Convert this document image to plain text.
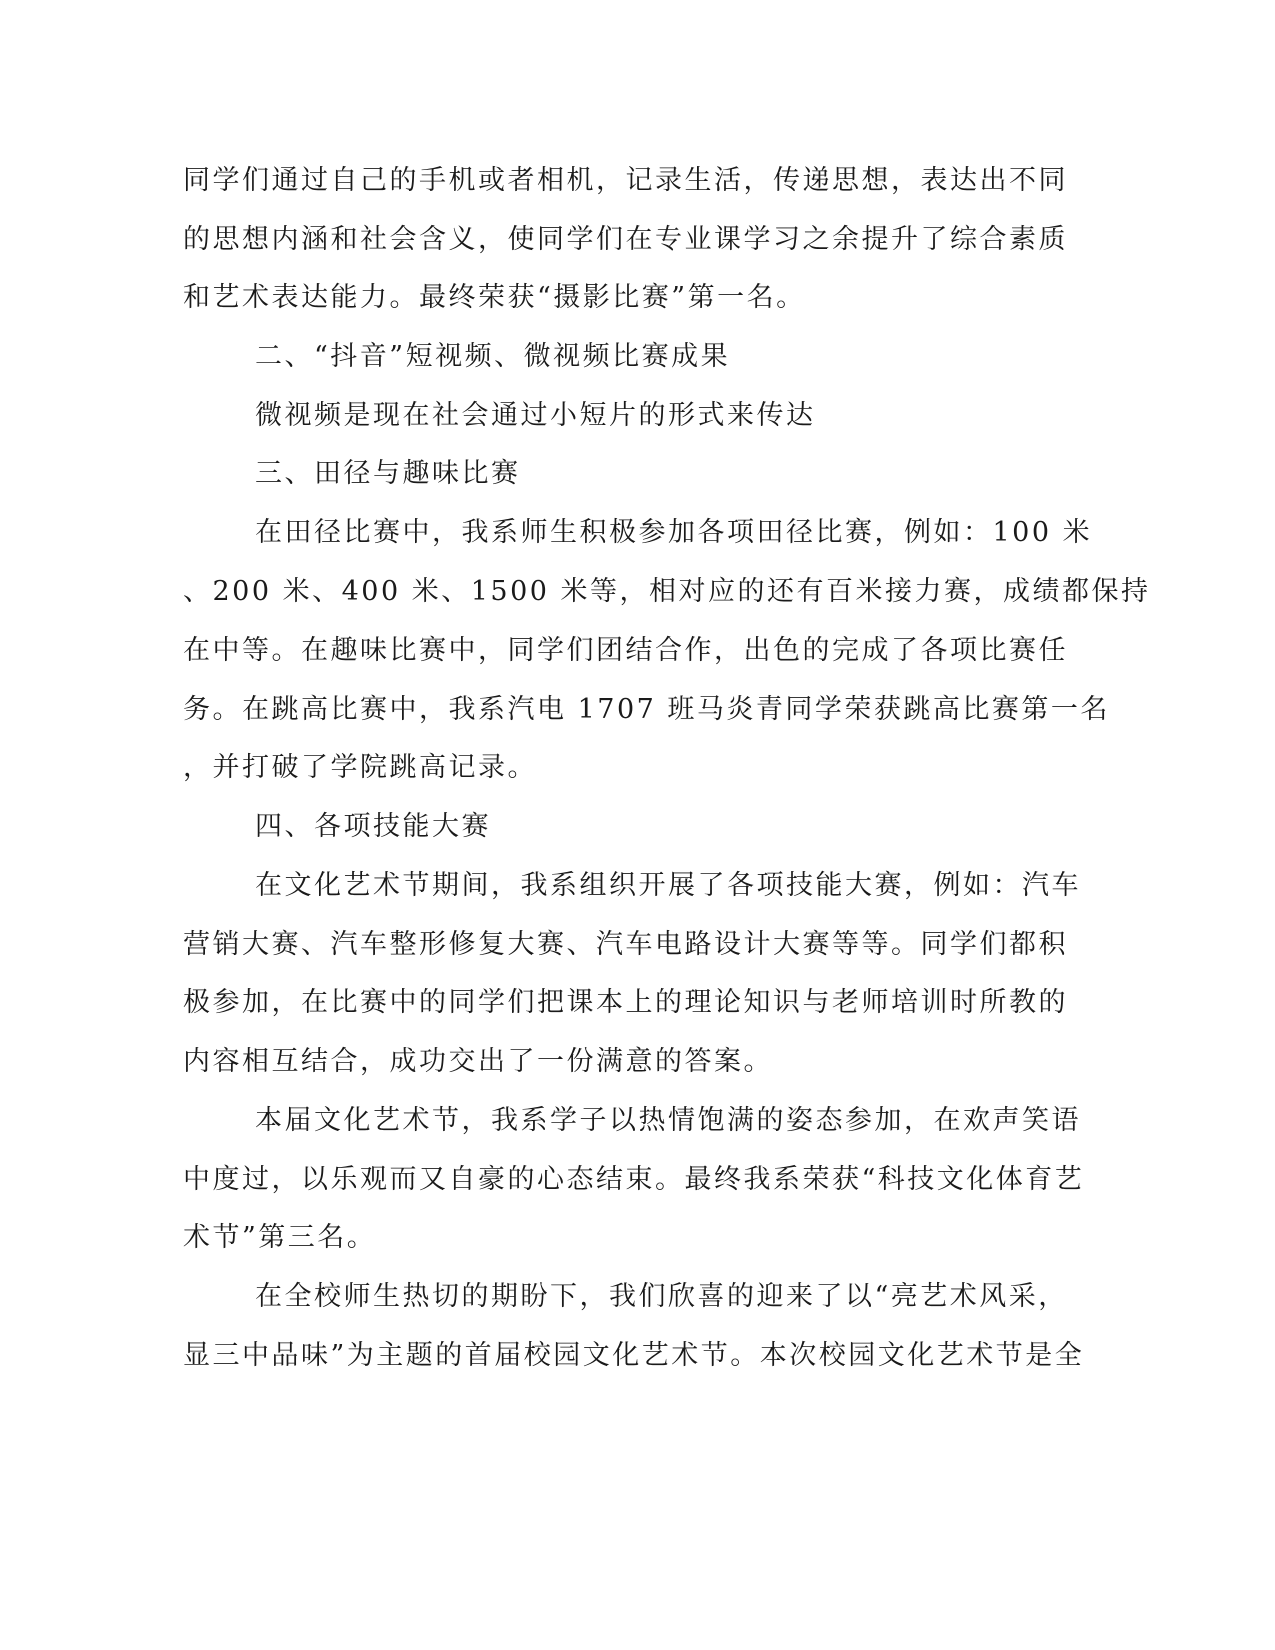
同学们通过自己的手机或者相机，记录生活，传递思想，表达出不同
的思想内涵和社会含义，使同学们在专业课学习之余提升了综合素质
和艺术表达能力。最终荣获“摄影比赛”第一名。
二、“抖音”短视频、微视频比赛成果
微视频是现在社会通过小短片的形式来传达
三、田径与趣味比赛
在田径比赛中，我系师生积极参加各项田径比赛，例如：100 米
、200 米、400 米、1500 米等，相对应的还有百米接力赛，成绩都保持
在中等。在趣味比赛中，同学们团结合作，出色的完成了各项比赛任
务。在跳高比赛中，我系汽电 1707 班马炎青同学荣获跳高比赛第一名
，并打破了学院跳高记录。
四、各项技能大赛
在文化艺术节期间，我系组织开展了各项技能大赛，例如：汽车
营销大赛、汽车整形修复大赛、汽车电路设计大赛等等。同学们都积
极参加，在比赛中的同学们把课本上的理论知识与老师培训时所教的
内容相互结合，成功交出了一份满意的答案。
本届文化艺术节，我系学子以热情饱满的姿态参加，在欢声笑语
中度过，以乐观而又自豪的心态结束。最终我系荣获“科技文化体育艺
术节”第三名。
在全校师生热切的期盼下，我们欣喜的迎来了以“亮艺术风采，
显三中品味”为主题的首届校园文化艺术节。本次校园文化艺术节是全
